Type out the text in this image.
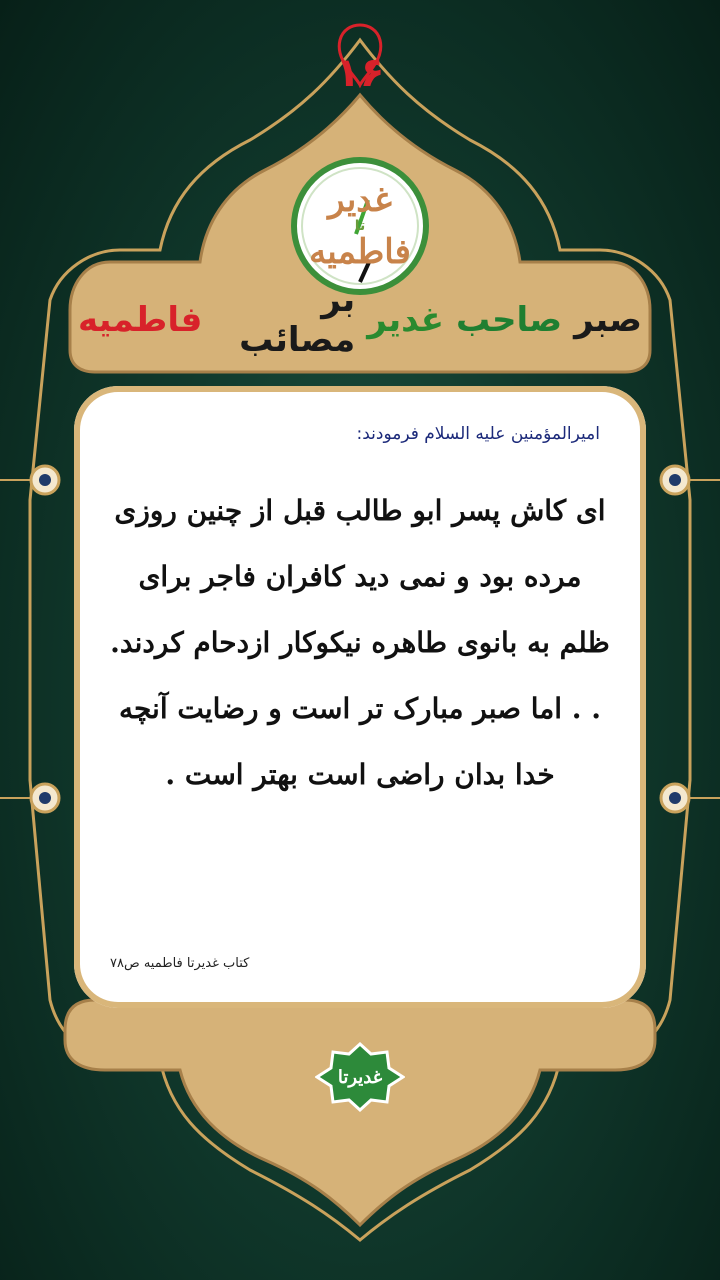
۱۶
غدیر
تا
فاطمیه
صبر
صاحب
غدیر
بر مصائب
فاطمیه
امیرالمؤمنین علیه السلام فرمودند:
ای کاش پسر ابو طالب قبل از چنین روزی مرده بود و نمی دید کافران فاجر برای ظلم به بانوی طاهره نیکوکار ازدحام کردند. . . اما صبر مبارک تر است و رضایت آنچه خدا بدان راضی است بهتر است .
کتاب غدیرتا فاطمیه ص۷۸
غدیرتا
